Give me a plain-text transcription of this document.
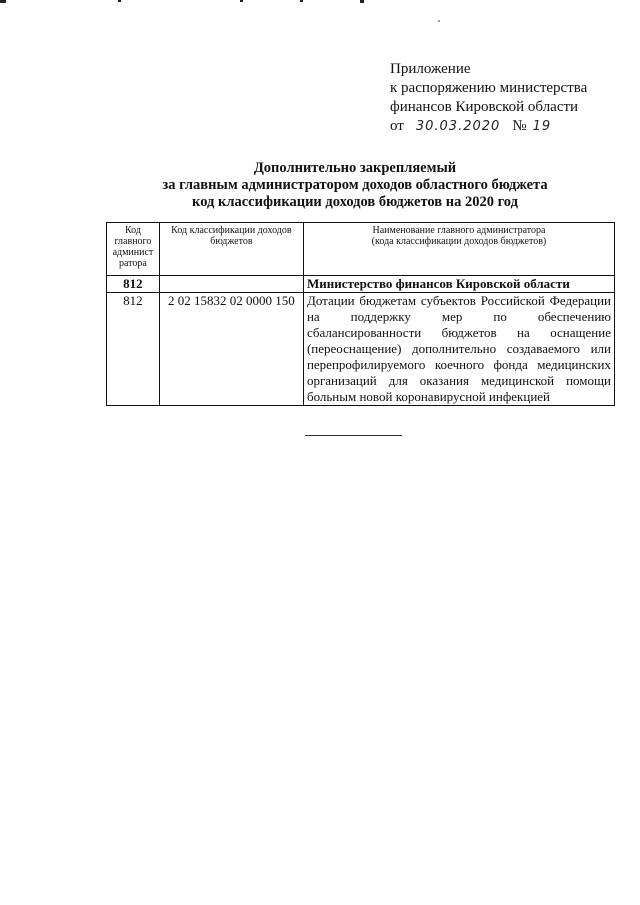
Приложение
к распоряжению министерства
финансов Кировской области
от 30.03.2020 № 19
Дополнительно закрепляемый
за главным администратором доходов областного бюджета
код классификации доходов бюджетов на 2020 год
Код главного админист ратора	Код классификации доходов бюджетов	Наименование главного администратора
(кода классификации доходов бюджетов)

812		Министерство финансов Кировской области
812	2 02 15832 02 0000 150	Дотации бюджетам субъектов Российской Федерации на поддержку мер по обеспечению сбалансированности бюджетов на оснащение (переоснащение) дополнительно создаваемого или перепрофилируемого коечного фонда медицинских организаций для оказания медицинской помощи больным новой коронавирусной инфекцией
